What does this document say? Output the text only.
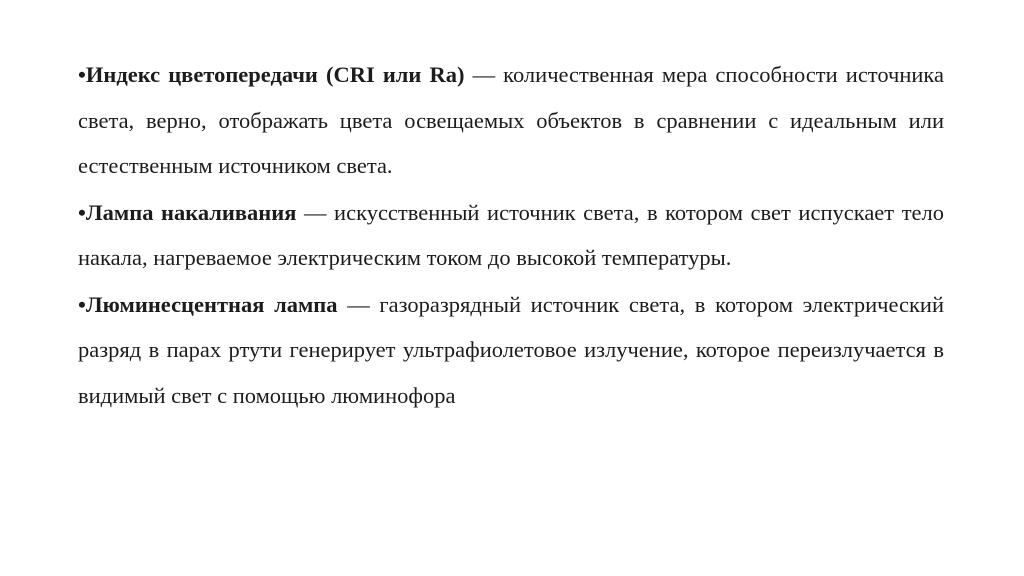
•Индекс цветопередачи (CRI или Ra) — количественная мера способности источника света, верно, отображать цвета освещаемых объектов в сравнении с идеальным или естественным источником света.

•Лампа накаливания — искусственный источник света, в котором свет испускает тело накала, нагреваемое электрическим током до высокой температуры.

•Люминесцентная лампа — газоразрядный источник света, в котором электрический разряд в парах ртути генерирует ультрафиолетовое излучение, которое переизлучается в видимый свет с помощью люминофора
